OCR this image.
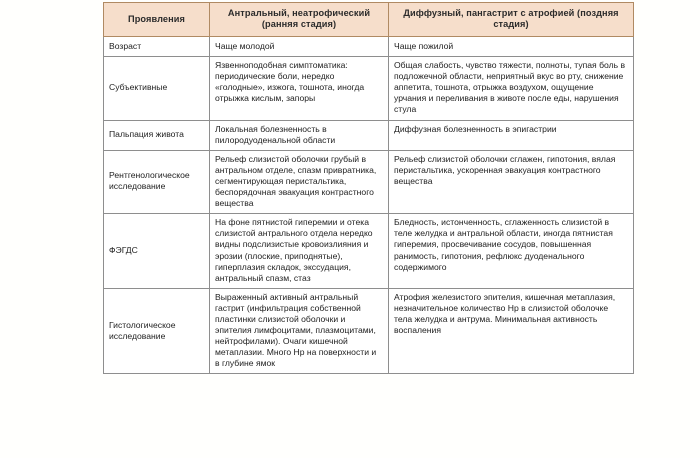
Проявления	Антральный, неатрофический (ранняя стадия)	Диффузный, пангастрит с атрофией (поздняя стадия)
Возраст	Чаще молодой	Чаще пожилой
Субъективные	Язвенноподобная симптоматика: периодические боли, нередко «голодные», изжога, тошнота, иногда отрыжка кислым, запоры	Общая слабость, чувство тяжести, полноты, тупая боль в подложечной области, неприятный вкус во рту, снижение аппетита, тошнота, отрыжка воздухом, ощущение урчания и переливания в животе после еды, нарушения стула
Пальпация живота	Локальная болезненность в пилородуоденальной области	Диффузная болезненность в эпигастрии
Рентгенологическое исследование	Рельеф слизистой оболочки грубый в антральном отделе, спазм привратника, сегментирующая перистальтика, беспорядочная эвакуация контрастного вещества	Рельеф слизистой оболочки сглажен, гипотония, вялая перистальтика, ускоренная эвакуация контрастного вещества
ФЭГДС	На фоне пятнистой гиперемии и отека слизистой антрального отдела нередко видны подслизистые кровоизлияния и эрозии (плоские, приподнятые), гиперплазия складок, экссудация, антральный спазм, стаз	Бледность, истонченность, сглаженность слизистой в теле желудка и антральной области, иногда пятнистая гиперемия, просвечивание сосудов, повышенная ранимость, гипотония, рефлюкс дуоденального содержимого
Гистологическое исследование	Выраженный активный антральный гастрит (инфильтрация собственной пластинки слизистой оболочки и эпителия лимфоцитами, плазмоцитами, нейтрофилами). Очаги кишечной метаплазии. Много Hp на поверхности и в глубине ямок	Атрофия железистого эпителия, кишечная метаплазия, незначительное количество Hp в слизистой оболочке тела желудка и антрума. Минимальная активность воспаления
